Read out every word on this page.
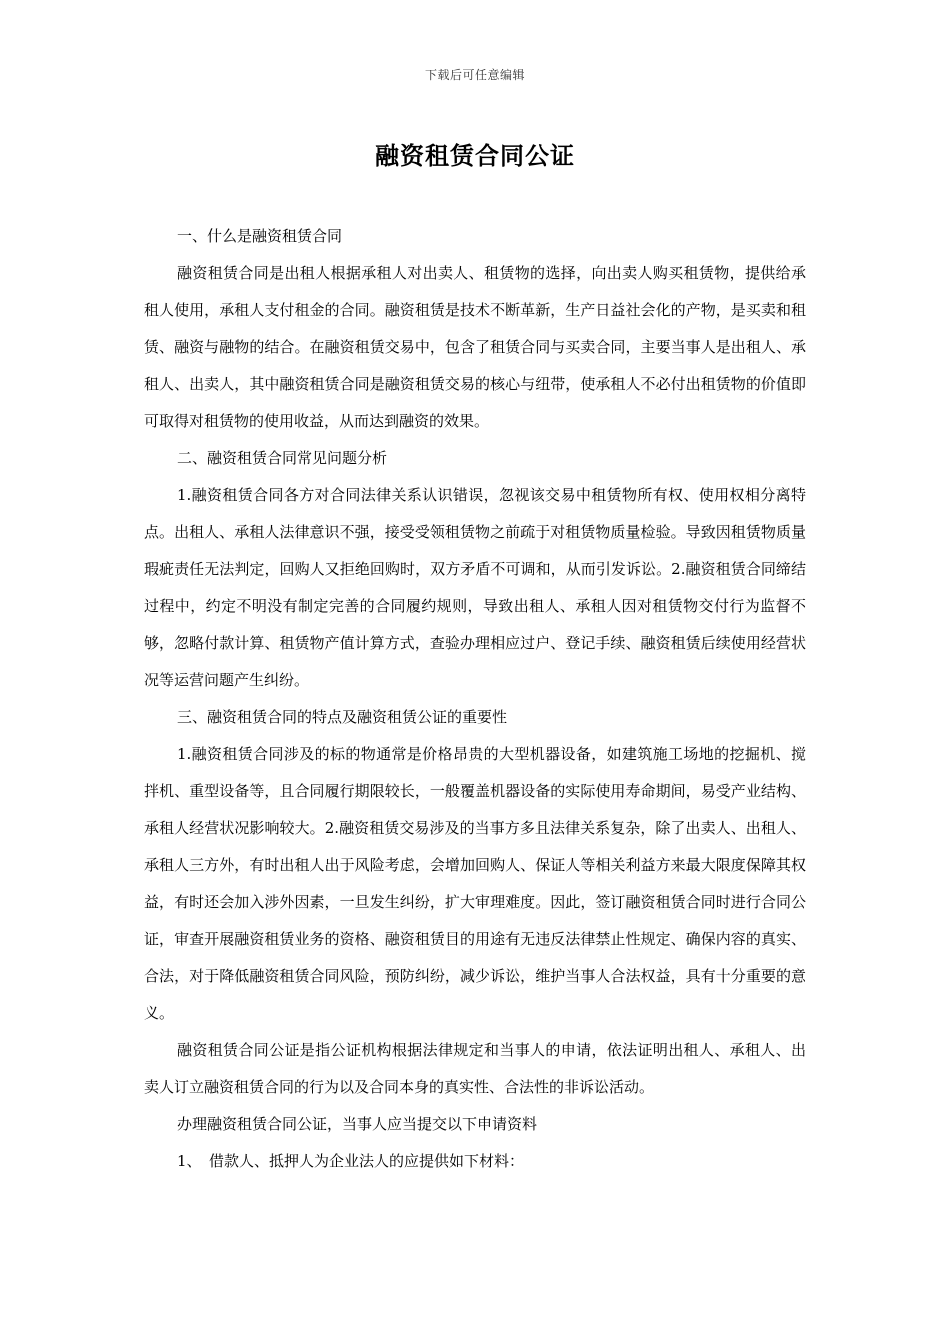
下载后可任意编辑
融资租赁合同公证

一、什么是融资租赁合同

融资租赁合同是出租人根据承租人对出卖人、租赁物的选择，向出卖人购买租赁物，提供给承租人使用，承租人支付租金的合同。融资租赁是技术不断革新，生产日益社会化的产物，是买卖和租赁、融资与融物的结合。在融资租赁交易中，包含了租赁合同与买卖合同，主要当事人是出租人、承租人、出卖人，其中融资租赁合同是融资租赁交易的核心与纽带，使承租人不必付出租赁物的价值即可取得对租赁物的使用收益，从而达到融资的效果。

二、融资租赁合同常见问题分析

1.融资租赁合同各方对合同法律关系认识错误，忽视该交易中租赁物所有权、使用权相分离特点。出租人、承租人法律意识不强，接受受领租赁物之前疏于对租赁物质量检验。导致因租赁物质量瑕疵责任无法判定，回购人又拒绝回购时，双方矛盾不可调和，从而引发诉讼。2.融资租赁合同缔结过程中，约定不明没有制定完善的合同履约规则，导致出租人、承租人因对租赁物交付行为监督不够，忽略付款计算、租赁物产值计算方式，查验办理相应过户、登记手续、融资租赁后续使用经营状况等运营问题产生纠纷。

三、融资租赁合同的特点及融资租赁公证的重要性

1.融资租赁合同涉及的标的物通常是价格昂贵的大型机器设备，如建筑施工场地的挖掘机、搅拌机、重型设备等，且合同履行期限较长，一般覆盖机器设备的实际使用寿命期间，易受产业结构、承租人经营状况影响较大。2.融资租赁交易涉及的当事方多且法律关系复杂，除了出卖人、出租人、承租人三方外，有时出租人出于风险考虑，会增加回购人、保证人等相关利益方来最大限度保障其权益，有时还会加入涉外因素，一旦发生纠纷，扩大审理难度。因此，签订融资租赁合同时进行合同公证，审查开展融资租赁业务的资格、融资租赁目的用途有无违反法律禁止性规定、确保内容的真实、合法，对于降低融资租赁合同风险，预防纠纷，减少诉讼，维护当事人合法权益，具有十分重要的意义。

融资租赁合同公证是指公证机构根据法律规定和当事人的申请，依法证明出租人、承租人、出卖人订立融资租赁合同的行为以及合同本身的真实性、合法性的非诉讼活动。

办理融资租赁合同公证，当事人应当提交以下申请资料

1、　借款人、抵押人为企业法人的应提供如下材料：
